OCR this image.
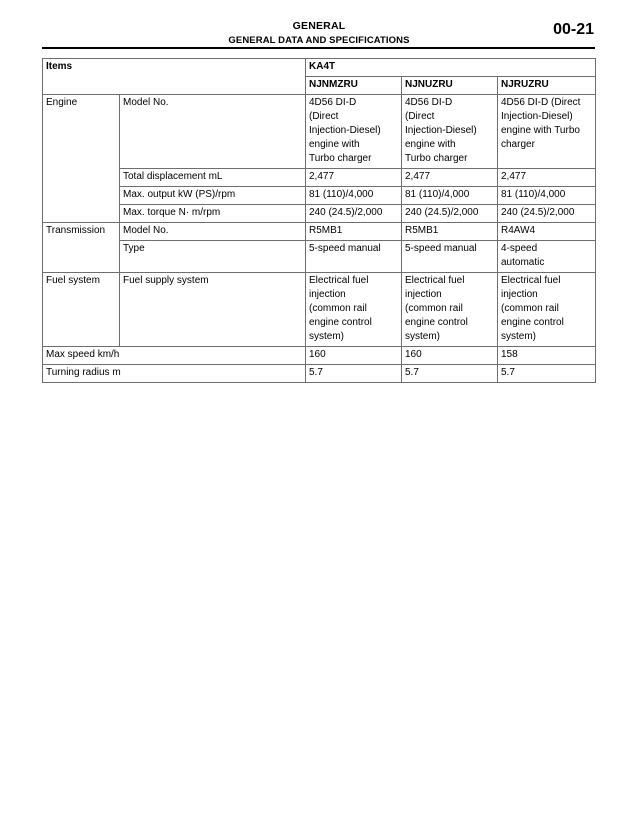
GENERAL
GENERAL DATA AND SPECIFICATIONS
00-21
Items		KA4T		
		NJNMZRU	NJNUZRU	NJRUZRU
Engine	Model No.	4D56 DI-D
(Direct
Injection-Diesel)
engine with
Turbo charger	4D56 DI-D
(Direct
Injection-Diesel)
engine with
Turbo charger	4D56 DI-D (Direct
Injection-Diesel)
engine with Turbo
charger
	Total displacement mL	2,477	2,477	2,477
	Max. output kW (PS)/rpm	81 (110)/4,000	81 (110)/4,000	81 (110)/4,000
	Max. torque N· m/rpm	240 (24.5)/2,000	240 (24.5)/2,000	240 (24.5)/2,000
Transmission	Model No.	R5MB1	R5MB1	R4AW4
	Type	5-speed manual	5-speed manual	4-speed
automatic
Fuel system	Fuel supply system	Electrical fuel
injection
(common rail
engine control
system)	Electrical fuel
injection
(common rail
engine control
system)	Electrical fuel
injection
(common rail
engine control
system)
Max speed km/h		160	160	158
Turning radius m		5.7	5.7	5.7
